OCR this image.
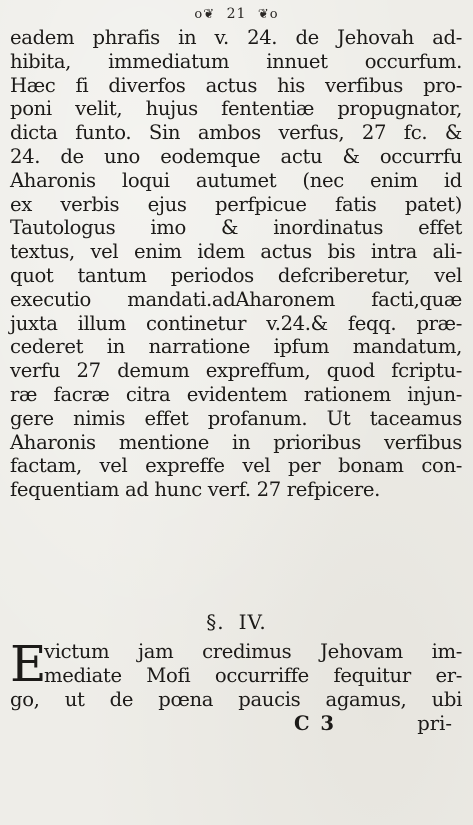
o❦ 21 ❦o
eadem phrafis in v. 24. de Jehovah ad-
hibita, immediatum innuet occurfum.
Hæc fi diverfos actus his verfibus pro-
poni velit, hujus fententiæ propugnator,
dicta funto. Sin ambos verfus, 27 fc. &
24. de uno eodemque actu & occurrfu
Aharonis loqui autumet (nec enim id
ex verbis ejus perfpicue fatis patet)
Tautologus imo & inordinatus effet
textus, vel enim idem actus bis intra ali-
quot tantum periodos defcriberetur, vel
executio mandati.adAharonem facti,quæ
juxta illum continetur v.24.& feqq. præ-
cederet in narratione ipfum mandatum,
verfu 27 demum expreffum, quod fcriptu-
ræ facræ citra evidentem rationem injun-
gere nimis effet profanum. Ut taceamus
Aharonis mentione in prioribus verfibus
factam, vel expreffe vel per bonam con-
fequentiam ad hunc verf. 27 refpicere.
§. IV.
E
victum jam credimus Jehovam im-
mediate Mofi occurriffe fequitur er-
go, ut de pœna paucis agamus, ubi
C 3	pri-
